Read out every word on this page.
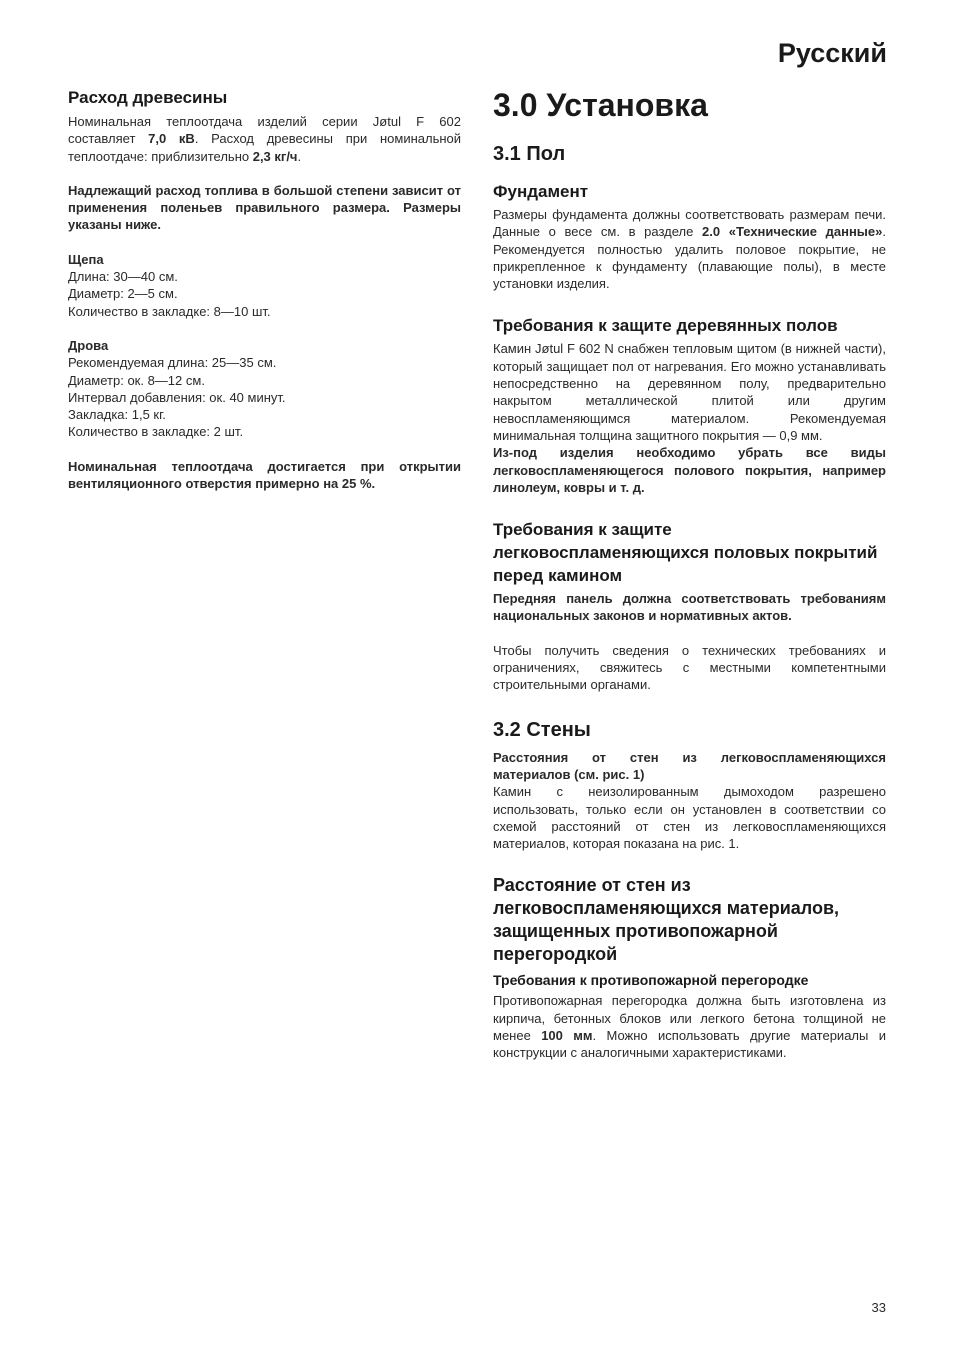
Русский
Расход древесины

Номинальная теплоотдача изделий серии Jøtul F 602 составляет 7,0 кВ. Расход древесины при номинальной теплоотдаче: приблизительно 2,3 кг/ч.

Надлежащий расход топлива в большой степени зависит от применения поленьев правильного размера. Размеры указаны ниже.

Щепа

Длина: 30—40 см.

Диаметр: 2—5 см.

Количество в закладке: 8—10 шт.

Дрова

Рекомендуемая длина: 25—35 см.

Диаметр: ок. 8—12 см.

Интервал добавления: ок. 40 минут.

Закладка: 1,5 кг.

Количество в закладке: 2 шт.

Номинальная теплоотдача достигается при открытии вентиляционного отверстия примерно на 25 %.

3.0 Установка
3.1 Пол
Фундамент

Размеры фундамента должны соответствовать размерам печи. Данные о весе см. в разделе 2.0 «Технические данные». Рекомендуется полностью удалить половое покрытие, не прикрепленное к фундаменту (плавающие полы), в месте установки изделия.

Требования к защите деревянных полов

Камин Jøtul F 602 N снабжен тепловым щитом (в нижней части), который защищает пол от нагревания. Его можно устанавливать непосредственно на деревянном полу, предварительно накрытом металлической плитой или другим невоспламеняющимся материалом. Рекомендуемая минимальная толщина защитного покрытия — 0,9 мм.

Из-под изделия необходимо убрать все виды легковоспламеняющегося полового покрытия, например линолеум, ковры и т. д.

Требования к защите легковоспламеняющихся половых покрытий перед камином

Передняя панель должна соответствовать требованиям национальных законов и нормативных актов.

Чтобы получить сведения о технических требованиях и ограничениях, свяжитесь с местными компетентными строительными органами.

3.2 Стены

Расстояния от стен из легковоспламеняющихся материалов (см. рис. 1)

Камин с неизолированным дымоходом разрешено использовать, только если он установлен в соответствии со схемой расстояний от стен из легковоспламеняющихся материалов, которая показана на рис. 1.

Расстояние от стен из легковоспламеняющихся материалов, защищенных противопожарной перегородкой
Требования к противопожарной перегородке

Противопожарная перегородка должна быть изготовлена из кирпича, бетонных блоков или легкого бетона толщиной не менее 100 мм. Можно использовать другие материалы и конструкции с аналогичными характеристиками.

33
